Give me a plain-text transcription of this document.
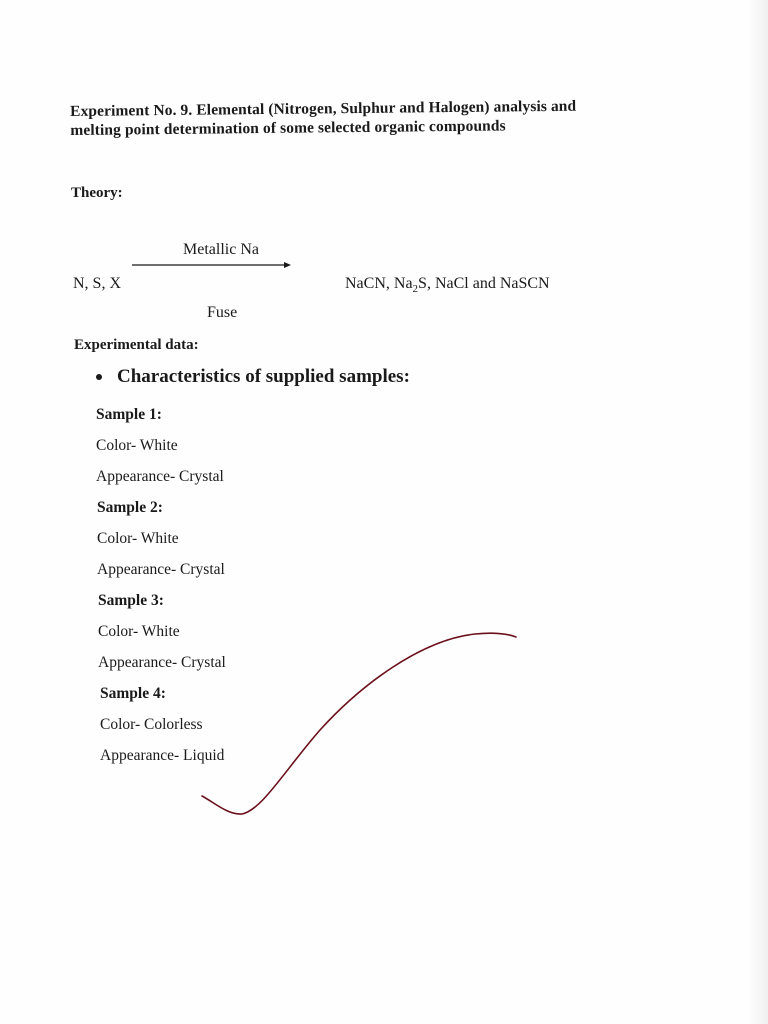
Experiment No. 9. Elemental (Nitrogen, Sulphur and Halogen) analysis and
melting point determination of some selected organic compounds
Theory:
Metallic Na
N, S, X	NaCN, $Na_2S$, NaCl and NaSCN
Fuse
Experimental data:
Characteristics of supplied samples:
Sample 1:
Color- White
Appearance- Crystal
Sample 2:
Color- White
Appearance- Crystal
Sample 3:
Color- White
Appearance- Crystal
Sample 4:
Color- Colorless
Appearance- Liquid
